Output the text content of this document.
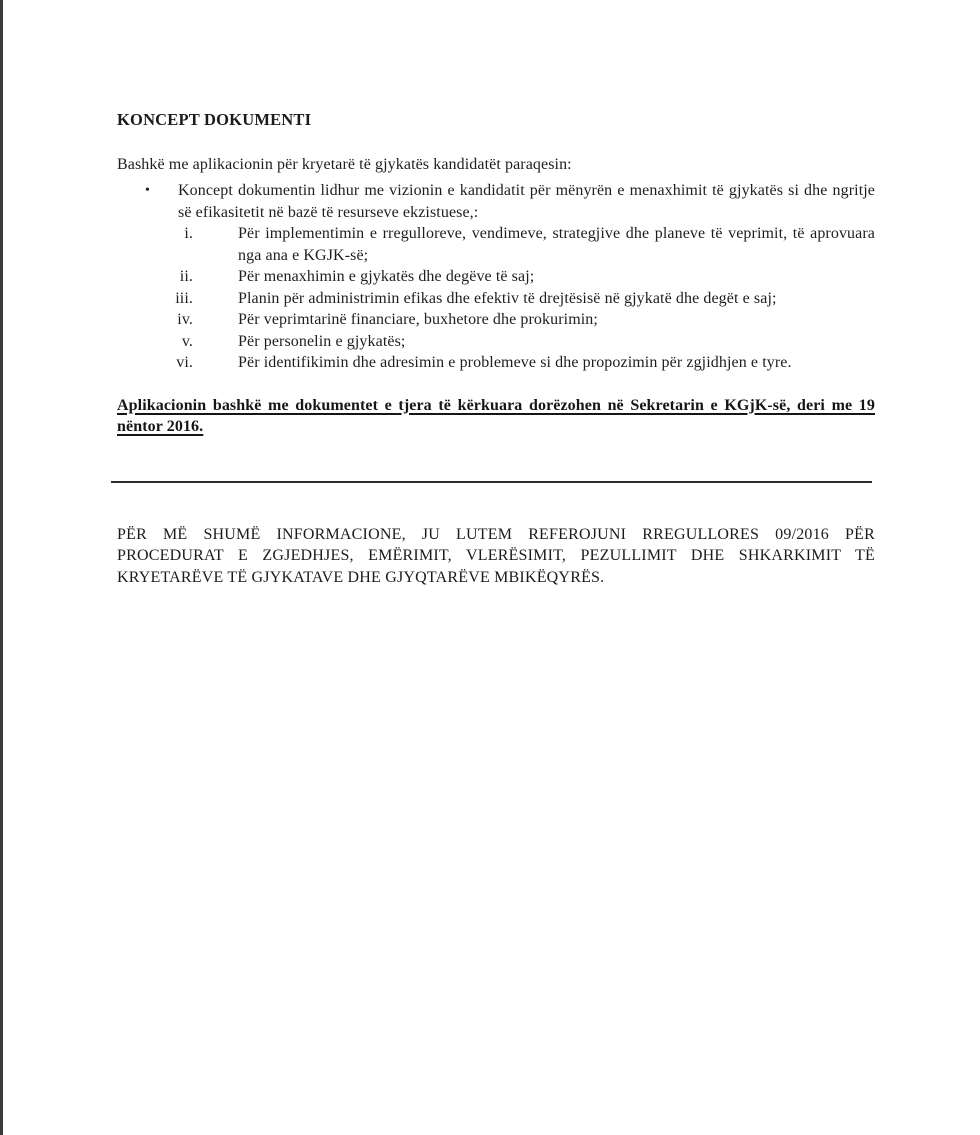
KONCEPT DOKUMENTI

Bashkë me aplikacionin për kryetarë të gjykatës kandidatët paraqesin:

• Koncept dokumentin lidhur me vizionin e kandidatit për mënyrën e menaxhimit të gjykatës si dhe ngritje së efikasitetit në bazë të resurseve ekzistuese,:
i.	Për implementimin e rregulloreve, vendimeve, strategjive dhe planeve të veprimit, të aprovuara nga ana e KGJK-së;
ii.	Për menaxhimin e gjykatës dhe degëve të saj;
iii.	Planin për administrimin efikas dhe efektiv të drejtësisë në gjykatë dhe degët e saj;
iv.	Për veprimtarinë financiare, buxhetore dhe prokurimin;
v.	Për personelin e gjykatës;
vi.	Për identifikimin dhe adresimin e problemeve si dhe propozimin për zgjidhjen e tyre.

Aplikacionin bashkë me dokumentet e tjera të kërkuara dorëzohen në Sekretarin e KGjK-së, deri me 19 nëntor 2016.

PËR MË SHUMË INFORMACIONE, JU LUTEM REFEROJUNI RREGULLORES 09/2016 PËR PROCEDURAT E ZGJEDHJES, EMËRIMIT, VLERËSIMIT, PEZULLIMIT DHE SHKARKIMIT TË KRYETARËVE TË GJYKATAVE DHE GJYQTARËVE MBIKËQYRËS.
